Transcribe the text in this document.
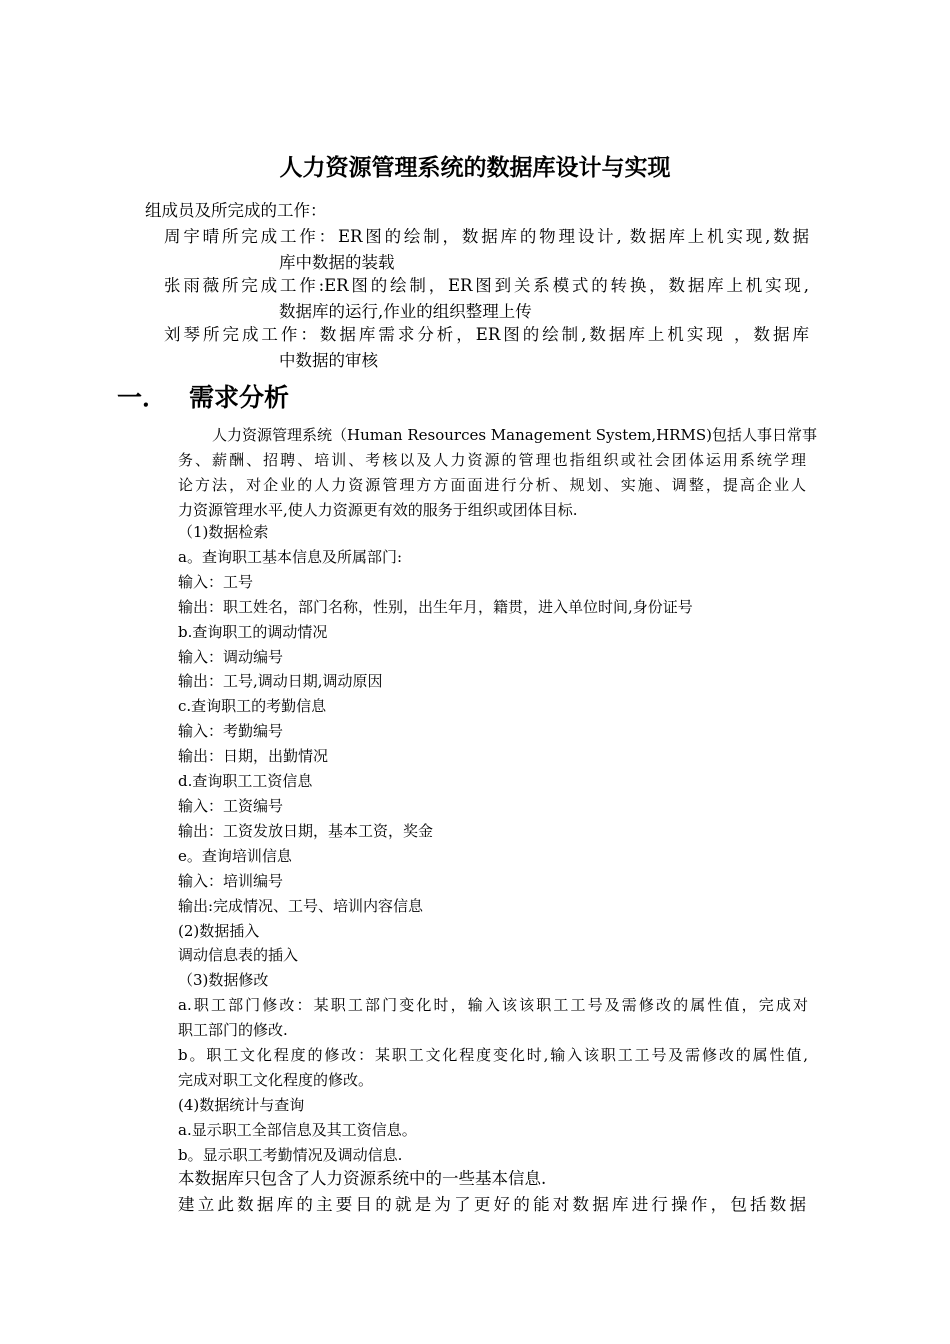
人力资源管理系统的数据库设计与实现
组成员及所完成的工作：
周宇晴所完成工作：ER图的绘制，数据库的物理设计, 数据库上机实现,数据
库中数据的装载
张雨薇所完成工作:ER图的绘制，ER图到关系模式的转换，数据库上机实现,
数据库的运行,作业的组织整理上传
刘琴所完成工作：数据库需求分析，ER图的绘制,数据库上机实现 ，数据库
中数据的审核
一． 需求分析
人力资源管理系统（Human Resources Management System,HRMS)包括人事日常事
务、薪酬、招聘、培训、考核以及人力资源的管理也指组织或社会团体运用系统学理
论方法，对企业的人力资源管理方方面面进行分析、规划、实施、调整，提高企业人
力资源管理水平,使人力资源更有效的服务于组织或团体目标.
（1)数据检索
a。查询职工基本信息及所属部门:
输入：工号
输出：职工姓名，部门名称，性别，出生年月，籍贯，进入单位时间,身份证号
b.查询职工的调动情况
输入：调动编号
输出：工号,调动日期,调动原因
c.查询职工的考勤信息
输入：考勤编号
输出：日期，出勤情况
d.查询职工工资信息
输入：工资编号
输出：工资发放日期，基本工资，奖金
e。查询培训信息
输入：培训编号
输出:完成情况、工号、培训内容信息
(2)数据插入
调动信息表的插入
（3)数据修改
a.职工部门修改：某职工部门变化时，输入该该职工工号及需修改的属性值，完成对
职工部门的修改.
b。职工文化程度的修改：某职工文化程度变化时,输入该职工工号及需修改的属性值,
完成对职工文化程度的修改。
(4)数据统计与查询
a.显示职工全部信息及其工资信息。
b。显示职工考勤情况及调动信息.
本数据库只包含了人力资源系统中的一些基本信息.
建立此数据库的主要目的就是为了更好的能对数据库进行操作，包括数据
